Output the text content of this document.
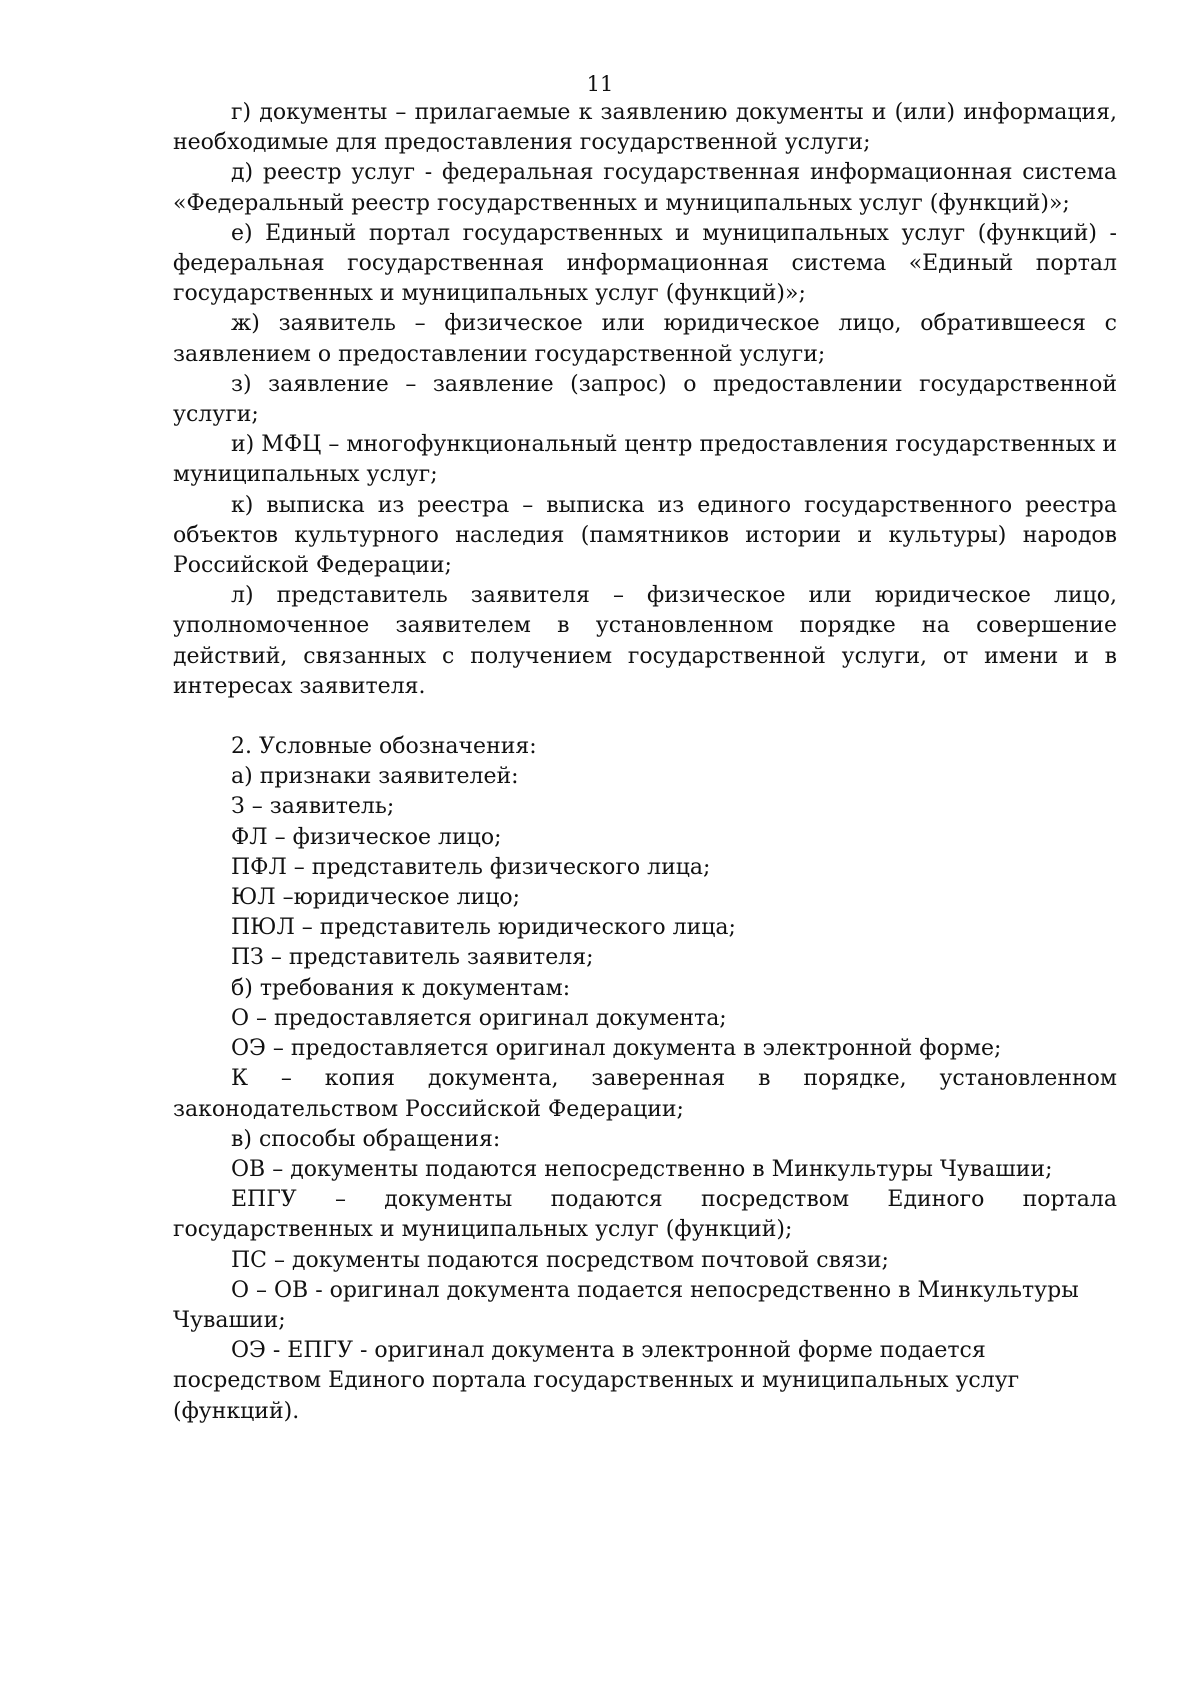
11

г) документы – прилагаемые к заявлению документы и (или) информация, необходимые для предоставления государственной услуги;

д) реестр услуг - федеральная государственная информационная система «Федеральный реестр государственных и муниципальных услуг (функций)»;

е) Единый портал государственных и муниципальных услуг (функций) - федеральная государственная информационная система «Единый портал государственных и муниципальных услуг (функций)»;

ж) заявитель – физическое или юридическое лицо, обратившееся с заявлением о предоставлении государственной услуги;

з) заявление – заявление (запрос) о предоставлении государственной услуги;

и) МФЦ – многофункциональный центр предоставления государственных и муниципальных услуг;

к) выписка из реестра – выписка из единого государственного реестра объектов культурного наследия (памятников истории и культуры) народов Российской Федерации;

л) представитель заявителя – физическое или юридическое лицо, уполномоченное заявителем в установленном порядке на совершение действий, связанных с получением государственной услуги, от имени и в интересах заявителя.

2. Условные обозначения:

а) признаки заявителей:

З – заявитель;

ФЛ – физическое лицо;

ПФЛ – представитель физического лица;

ЮЛ –юридическое лицо;

ПЮЛ – представитель юридического лица;

ПЗ – представитель заявителя;

б) требования к документам:

О – предоставляется оригинал документа;

ОЭ – предоставляется оригинал документа в электронной форме;

К – копия документа, заверенная в порядке, установленном законодательством Российской Федерации;

в) способы обращения:

ОВ – документы подаются непосредственно в Минкультуры Чувашии;

ЕПГУ – документы подаются посредством Единого портала государственных и муниципальных услуг (функций);

ПС – документы подаются посредством почтовой связи;

О – ОВ - оригинал документа подается непосредственно в Минкультуры Чувашии;

ОЭ - ЕПГУ - оригинал документа в электронной форме подается посредством Единого портала государственных и муниципальных услуг (функций).
